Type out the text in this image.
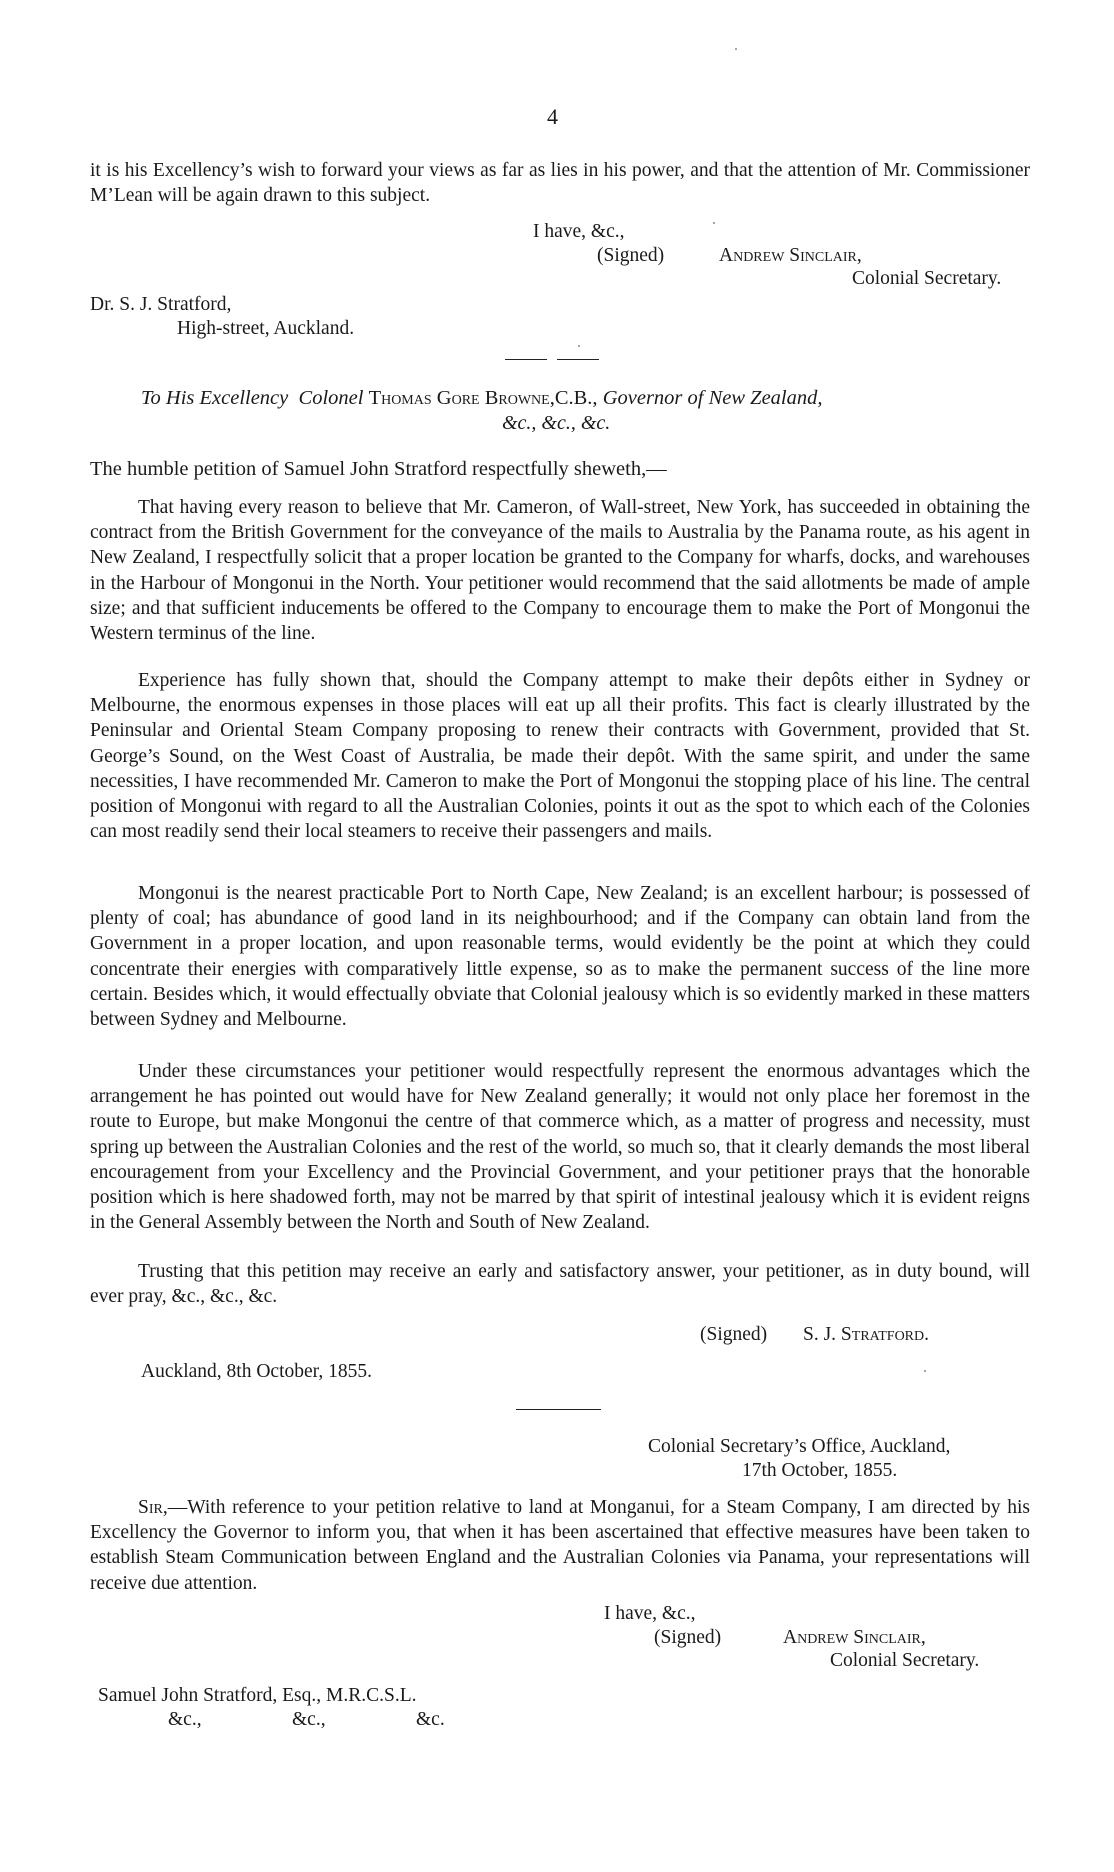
4

it is his Excellency’s wish to forward your views as far as lies in his power, and that the attention of Mr. Commissioner M’Lean will be again drawn to this subject.

I have, &c.,
(Signed)	Andrew Sinclair,
Colonial Secretary.
Dr. S. J. Stratford,
High-street, Auckland.
To His Excellency Colonel Thomas Gore Browne,C.B., Governor of New Zealand,
&c., &c., &c.
The humble petition of Samuel John Stratford respectfully sheweth,—

That having every reason to believe that Mr. Cameron, of Wall-street, New York, has succeeded in obtaining the contract from the British Government for the conveyance of the mails to Australia by the Panama route, as his agent in New Zealand, I respectfully solicit that a proper location be granted to the Company for wharfs, docks, and warehouses in the Harbour of Mongonui in the North. Your petitioner would recommend that the said allotments be made of ample size; and that sufficient inducements be offered to the Company to encourage them to make the Port of Mongonui the Western terminus of the line.

Experience has fully shown that, should the Company attempt to make their depôts either in Sydney or Melbourne, the enormous expenses in those places will eat up all their profits. This fact is clearly illustrated by the Peninsular and Oriental Steam Company proposing to renew their contracts with Government, provided that St. George’s Sound, on the West Coast of Australia, be made their depôt. With the same spirit, and under the same necessities, I have recommended Mr. Cameron to make the Port of Mongonui the stopping place of his line. The central position of Mongonui with regard to all the Australian Colonies, points it out as the spot to which each of the Colonies can most readily send their local steamers to receive their passengers and mails.

Mongonui is the nearest practicable Port to North Cape, New Zealand; is an excellent harbour; is possessed of plenty of coal; has abundance of good land in its neighbourhood; and if the Company can obtain land from the Government in a proper location, and upon reasonable terms, would evidently be the point at which they could concentrate their energies with comparatively little expense, so as to make the permanent success of the line more certain. Besides which, it would effectually obviate that Colonial jealousy which is so evidently marked in these matters between Sydney and Melbourne.

Under these circumstances your petitioner would respectfully represent the enormous advantages which the arrangement he has pointed out would have for New Zealand generally; it would not only place her foremost in the route to Europe, but make Mongonui the centre of that commerce which, as a matter of progress and necessity, must spring up between the Australian Colonies and the rest of the world, so much so, that it clearly demands the most liberal encouragement from your Excellency and the Provincial Government, and your petitioner prays that the honorable position which is here shadowed forth, may not be marred by that spirit of intestinal jealousy which it is evident reigns in the General Assembly between the North and South of New Zealand.

Trusting that this petition may receive an early and satisfactory answer, your petitioner, as in duty bound, will ever pray, &c., &c., &c.

(Signed) S. J. Stratford.
Auckland, 8th October, 1855.
Colonial Secretary’s Office, Auckland,
17th October, 1855.

Sir,—With reference to your petition relative to land at Monganui, for a Steam Company, I am directed by his Excellency the Governor to inform you, that when it has been ascertained that effective measures have been taken to establish Steam Communication between England and the Australian Colonies via Panama, your representations will receive due attention.

I have, &c.,
(Signed)	Andrew Sinclair,
Colonial Secretary.
Samuel John Stratford, Esq., M.R.C.S.L.
&c.,	&c.,	&c.
